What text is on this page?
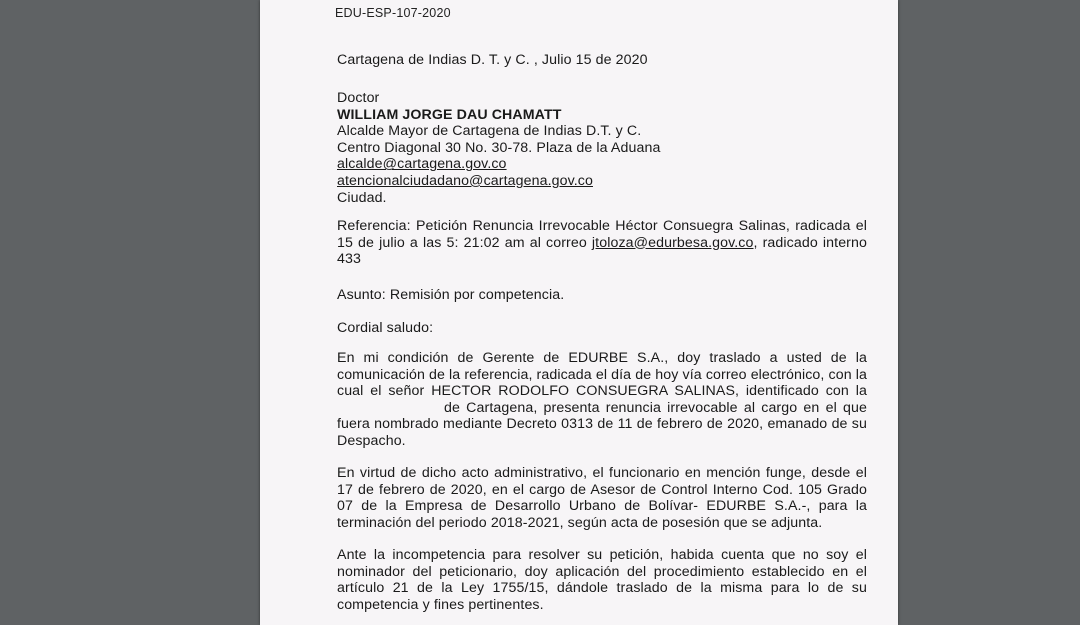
EDU-ESP-107-2020
Cartagena de Indias D. T. y C. , Julio 15 de 2020
Doctor
WILLIAM JORGE DAU CHAMATT
Alcalde Mayor de Cartagena de Indias D.T. y C.
Centro Diagonal 30 No. 30-78. Plaza de la Aduana
alcalde@cartagena.gov.co
atencionalciudadano@cartagena.gov.co
Ciudad.
Referencia: Petición Renuncia Irrevocable Héctor Consuegra Salinas, radicada el
15 de julio a las 5: 21:02 am al correo jtoloza@edurbesa.gov.co, radicado interno
433
Asunto: Remisión por competencia.
Cordial saludo:
En mi condición de Gerente de EDURBE S.A., doy traslado a usted de la
comunicación de la referencia, radicada el día de hoy vía correo electrónico, con la
cual el señor HECTOR RODOLFO CONSUEGRA SALINAS, identificado con la
de Cartagena, presenta renuncia irrevocable al cargo en el que
fuera nombrado mediante Decreto 0313 de 11 de febrero de 2020, emanado de su
Despacho.
En virtud de dicho acto administrativo, el funcionario en mención funge, desde el
17 de febrero de 2020, en el cargo de Asesor de Control Interno Cod. 105 Grado
07 de la Empresa de Desarrollo Urbano de Bolívar- EDURBE S.A.-, para la
terminación del periodo 2018-2021, según acta de posesión que se adjunta.
Ante la incompetencia para resolver su petición, habida cuenta que no soy el
nominador del peticionario, doy aplicación del procedimiento establecido en el
artículo 21 de la Ley 1755/15, dándole traslado de la misma para lo de su
competencia y fines pertinentes.
